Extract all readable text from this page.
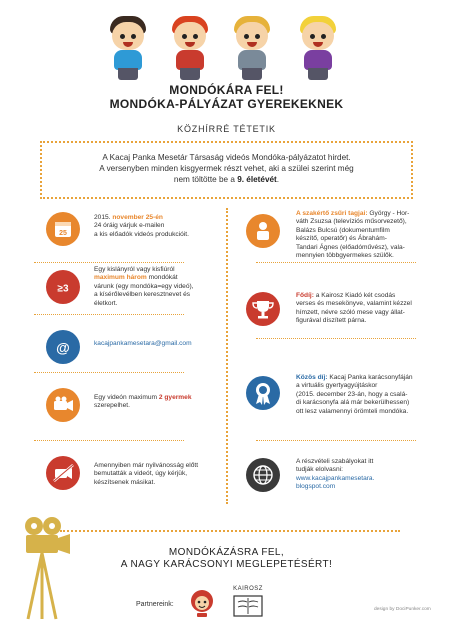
MONDÓKÁRA FEL!
MONDÓKA-PÁLYÁZAT GYEREKEKNEK
KÖZHÍRRÉ TÉTETIK
A Kacaj Panka Mesetár Társaság videós Mondóka-pályázatot hirdet.
A versenyben minden kisgyermek részt vehet, aki a szülei szerint még
nem töltötte be a 9. életévét.
25
2015. november 25-én
24 óráig várjuk e-mailen
a kis előadók videós produkcióit.
≥3
Egy kislányról vagy kisfiúról
maximum három mondókát
várunk (egy mondóka=egy videó),
a kísérőlevélben keresztnevet és
életkort.
@	kacajpankamesetara@gmail.com
Egy videón maximum 2 gyermek
szerepelhet.
Amennyiben már nyilvánosság előtt
bemutatták a videót, úgy kérjük,
készítsenek másikat.
A szakértő zsűri tagjai: György - Hor-
váth Zsuzsa (televíziós műsorvezető),
Balázs Bulcsú (dokumentumfilm
készítő, operatőr) és Ábrahám-
Tandari Ágnes (előadóművész), vala-
mennyien többgyermekes szülők.
Fődíj: a Kairosz Kiadó két csodás
verses és mesekönyve, valamint kézzel
hímzett, névre szóló mese vagy állat-
figurával díszített párna.
Közös díj: Kacaj Panka karácsonyfáján
a virtuális gyertyagyújtáskor
(2015. december 23-án, hogy a csalá-
di karácsonyfa alá már bekerülhessen)
ott lesz valamennyi örömteli mondóka.
A részvételi szabályokat itt
tudják elolvasni:
www.kacajpankamesetara.
blogspot.com
MONDÓKÁZÁSRA FEL,
A NAGY KARÁCSONYI MEGLEPETÉSÉRT!
Partnereink:
KAIROSZ
design by DociPunker.com
